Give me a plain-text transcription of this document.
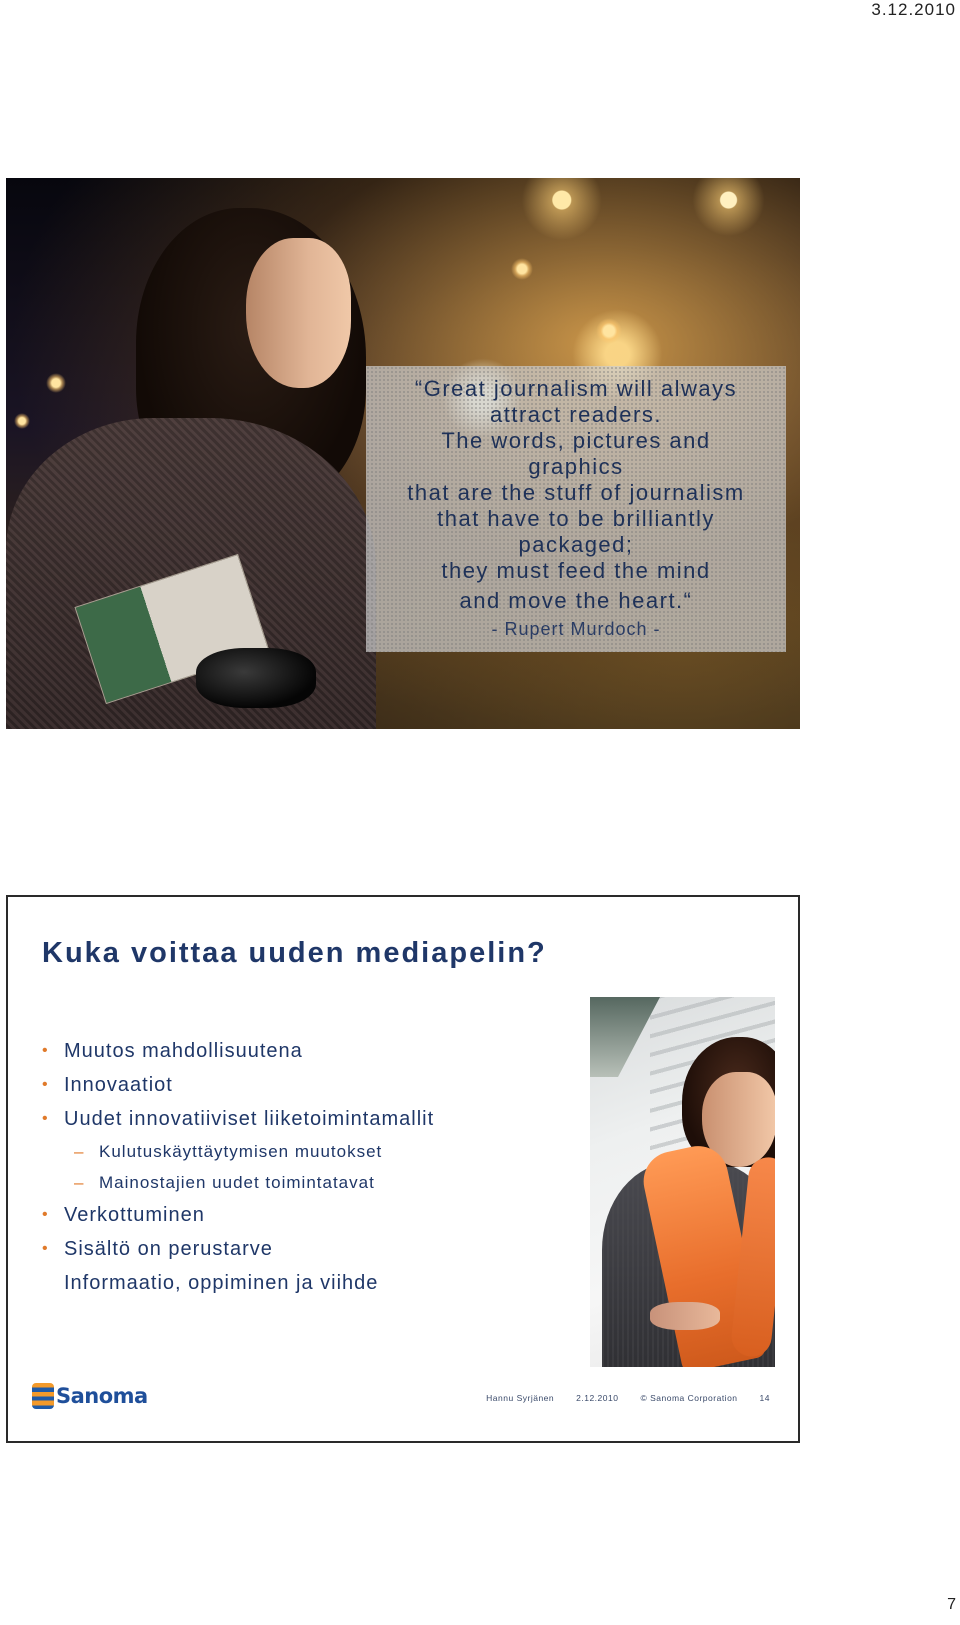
3.12.2010
“Great journalism will always
attract readers.
The words, pictures and
graphics
that are the stuff of journalism
that have to be brilliantly
packaged;
they must feed the mind
and move the heart.“
- Rupert Murdoch -
Kuka voittaa uuden mediapelin?
• Muutos mahdollisuutena
• Innovaatiot
• Uudet innovatiiviset liiketoimintamallit
– Kulutuskäyttäytymisen muutokset
– Mainostajien uudet toimintatavat
• Verkottuminen
• Sisältö on perustarve
Informaatio, oppiminen ja viihde
Sanoma	Hannu Syrjänen	2.12.2010	© Sanoma Corporation	14
7
